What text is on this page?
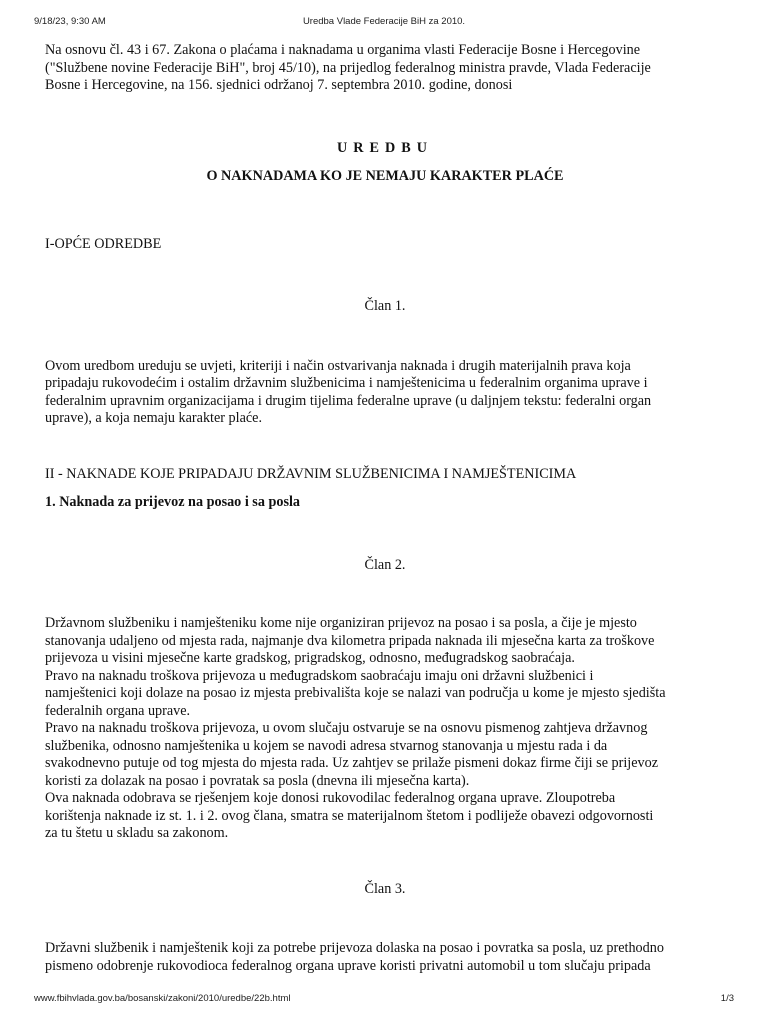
9/18/23, 9:30 AM	Uredba Vlade Federacije BiH za 2010.
Na osnovu čl. 43 i 67. Zakona o plaćama i naknadama u organima vlasti Federacije Bosne i Hercegovine
("Službene novine Federacije BiH", broj 45/10), na prijedlog federalnog ministra pravde, Vlada Federacije
Bosne i Hercegovine, na 156. sjednici održanoj 7. septembra 2010. godine, donosi
UREDBU
O NAKNADAMA KO JE NEMAJU KARAKTER PLAĆE
I-OPĆE ODREDBE
Član 1.
Ovom uredbom ureduju se uvjeti, kriteriji i način ostvarivanja naknada i drugih materijalnih prava koja
pripadaju rukovodećim i ostalim državnim službenicima i namještenicima u federalnim organima uprave i
federalnim upravnim organizacijama i drugim tijelima federalne uprave (u daljnjem tekstu: federalni organ
uprave), a koja nemaju karakter plaće.
II - NAKNADE KOJE PRIPADAJU DRŽAVNIM SLUŽBENICIMA I NAMJEŠTENICIMA
1. Naknada za prijevoz na posao i sa posla
Član 2.
Državnom službeniku i namješteniku kome nije organiziran prijevoz na posao i sa posla, a čije je mjesto
stanovanja udaljeno od mjesta rada, najmanje dva kilometra pripada naknada ili mjesečna karta za troškove
prijevoza u visini mjesečne karte gradskog, prigradskog, odnosno, međugradskog saobraćaja.
Pravo na naknadu troškova prijevoza u međugradskom saobraćaju imaju oni državni službenici i
namještenici koji dolaze na posao iz mjesta prebivališta koje se nalazi van područja u kome je mjesto sjedišta
federalnih organa uprave.
Pravo na naknadu troškova prijevoza, u ovom slučaju ostvaruje se na osnovu pismenog zahtjeva državnog
službenika, odnosno namještenika u kojem se navodi adresa stvarnog stanovanja u mjestu rada i da
svakodnevno putuje od tog mjesta do mjesta rada. Uz zahtjev se prilaže pismeni dokaz firme čiji se prijevoz
koristi za dolazak na posao i povratak sa posla (dnevna ili mjesečna karta).
Ova naknada odobrava se rješenjem koje donosi rukovodilac federalnog organa uprave. Zloupotreba
korištenja naknade iz st. 1. i 2. ovog člana, smatra se materijalnom štetom i podliježe obavezi odgovornosti
za tu štetu u skladu sa zakonom.
Član 3.
Državni službenik i namještenik koji za potrebe prijevoza dolaska na posao i povratka sa posla, uz prethodno
pismeno odobrenje rukovodioca federalnog organa uprave koristi privatni automobil u tom slučaju pripada
www.fbihvlada.gov.ba/bosanski/zakoni/2010/uredbe/22b.html	1/3
